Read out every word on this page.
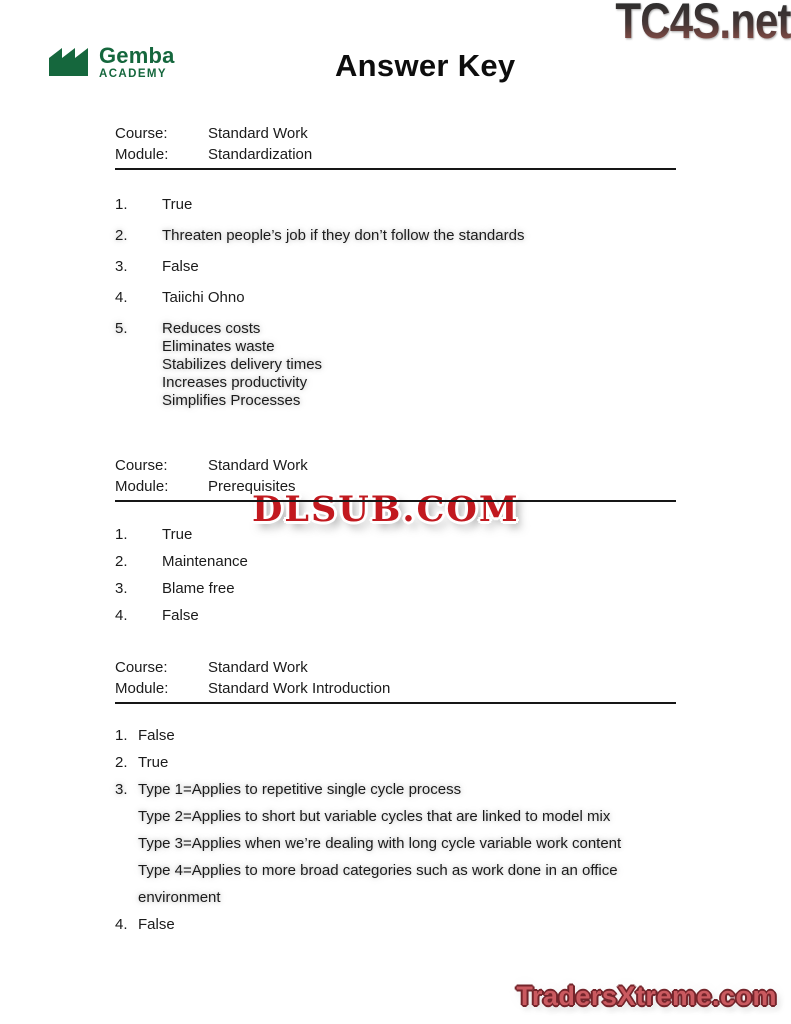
Gemba
ACADEMY	Answer Key
TC4S.net
DLSUB.COM
TradersXtreme.com
Course:	Standard Work
Module:	Standardization
1.	True
2.	Threaten people’s job if they don’t follow the standards
3.	False
4.	Taiichi Ohno
5.	Reduces costs
Eliminates waste
Stabilizes delivery times
Increases productivity
Simplifies Processes
Course:	Standard Work
Module:	Prerequisites
1.	True
2.	Maintenance
3.	Blame free
4.	False
Course:	Standard Work
Module:	Standard Work Introduction
1. False
2. True
3. Type 1=Applies to repetitive single cycle process
Type 2=Applies to short but variable cycles that are linked to model mix
Type 3=Applies when we’re dealing with long cycle variable work content
Type 4=Applies to more broad categories such as work done in an office
environment
4. False
